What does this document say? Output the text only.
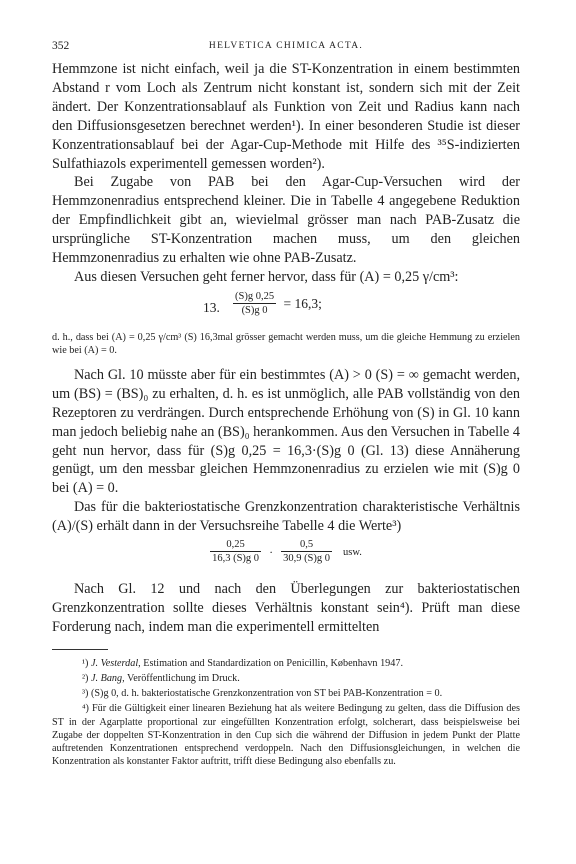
352	HELVETICA CHIMICA ACTA.

Hemmzone ist nicht einfach, weil ja die ST-Konzentration in einem bestimmten Abstand r vom Loch als Zentrum nicht konstant ist, sondern sich mit der Zeit ändert. Der Konzentrationsablauf als Funktion von Zeit und Radius kann nach den Diffusionsgesetzen berechnet werden¹). In einer besonderen Studie ist dieser Konzentrationsablauf bei der Agar-Cup-Methode mit Hilfe des ³⁵S-indizierten Sulfathiazols experimentell gemessen worden²).

Bei Zugabe von PAB bei den Agar-Cup-Versuchen wird der Hemmzonenradius entsprechend kleiner. Die in Tabelle 4 angegebene Reduktion der Empfindlichkeit gibt an, wievielmal grösser man nach PAB-Zusatz die ursprüngliche ST-Konzentration machen muss, um den gleichen Hemmzonenradius zu erhalten wie ohne PAB-Zusatz.

Aus diesen Versuchen geht ferner hervor, dass für (A) = 0,25 γ/cm³:

13. $\frac{(S)g 0,25}{(S)g 0} = 16,3$;

d. h., dass bei (A) = 0,25 γ/cm³ (S) 16,3mal grösser gemacht werden muss, um die gleiche Hemmung zu erzielen wie bei (A) = 0.

Nach Gl. 10 müsste aber für ein bestimmtes (A) > 0 (S) = ∞ gemacht werden, um (BS) = (BS)₀ zu erhalten, d. h. es ist unmöglich, alle PAB vollständig von den Rezeptoren zu verdrängen. Durch entsprechende Erhöhung von (S) in Gl. 10 kann man jedoch beliebig nahe an (BS)₀ herankommen. Aus den Versuchen in Tabelle 4 geht nun hervor, dass für (S)g 0,25 = 16,3·(S)g 0 (Gl. 13) diese Annäherung genügt, um den messbar gleichen Hemmzonenradius zu erzielen wie mit (S)g 0 bei (A) = 0.

Das für die bakteriostatische Grenzkonzentration charakteristische Verhältnis (A)/(S) erhält dann in der Versuchsreihe Tabelle 4 die Werte³)

$\frac{0,25}{16,3 (S)g 0} \cdot \frac{0,5}{30,9 (S)g 0}$ usw.

Nach Gl. 12 und nach den Überlegungen zur bakteriostatischen Grenzkonzentration sollte dieses Verhältnis konstant sein⁴). Prüft man diese Forderung nach, indem man die experimentell ermittelten

¹) J. Vesterdal, Estimation and Standardization on Penicillin, København 1947.
²) J. Bang, Veröffentlichung im Druck.
³) (S)g 0, d. h. bakteriostatische Grenzkonzentration von ST bei PAB-Konzentration = 0.
⁴) Für die Gültigkeit einer linearen Beziehung hat als weitere Bedingung zu gelten, dass die Diffusion des ST in der Agarplatte proportional zur eingefüllten Konzentration erfolgt, solcherart, dass beispielsweise bei Zugabe der doppelten ST-Konzentration in den Cup sich die während der Diffusion in jedem Punkt der Platte auftretenden Konzentrationen entsprechend verdoppeln. Nach den Diffusionsgleichungen, in welchen die Konzentration als konstanter Faktor auftritt, trifft diese Bedingung also ebenfalls zu.
